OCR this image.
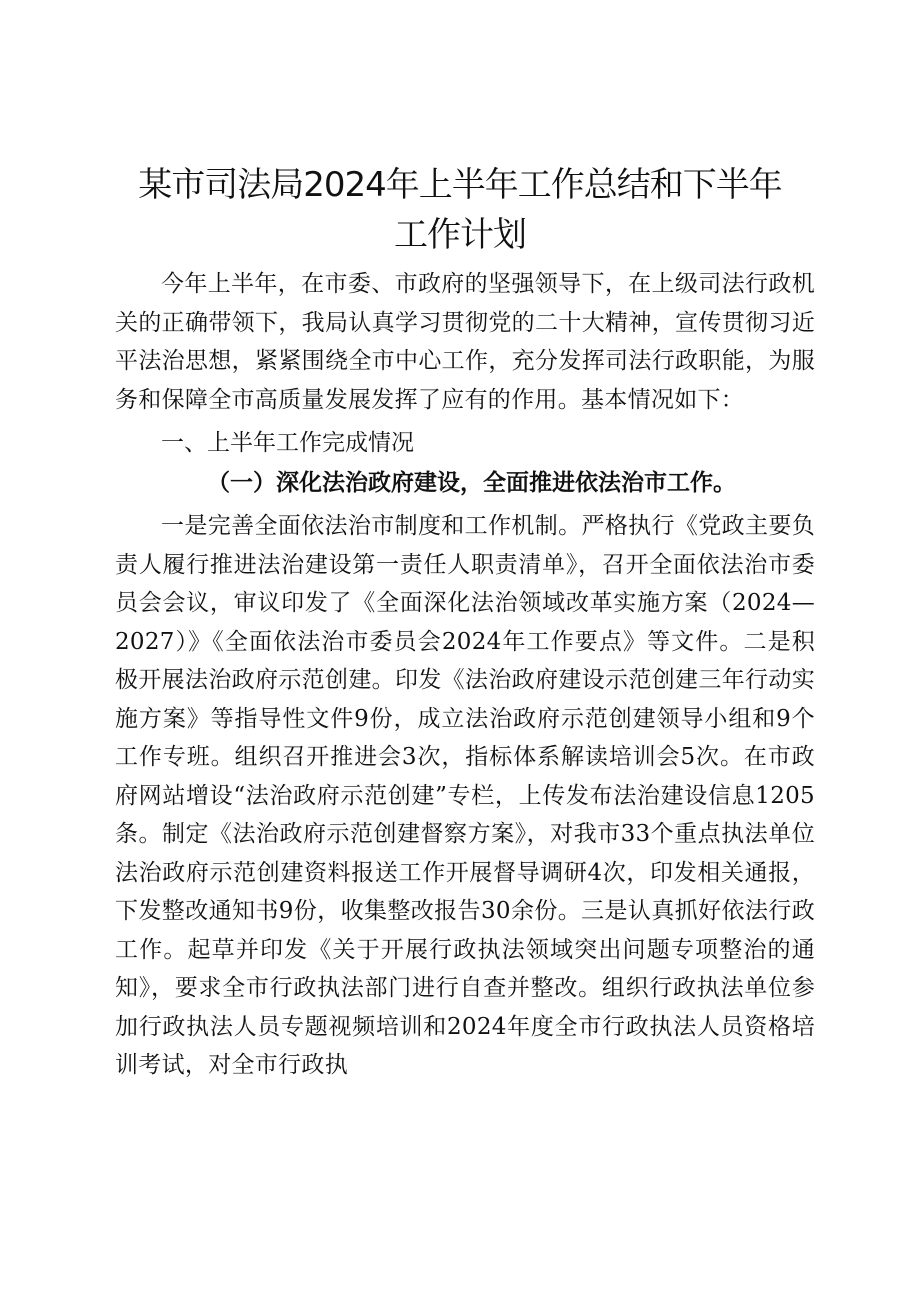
某市司法局2024年上半年工作总结和下半年
工作计划

今年上半年，在市委、市政府的坚强领导下，在上级司法行政机关的正确带领下，我局认真学习贯彻党的二十大精神，宣传贯彻习近平法治思想，紧紧围绕全市中心工作，充分发挥司法行政职能，为服务和保障全市高质量发展发挥了应有的作用。基本情况如下：

一、上半年工作完成情况
（一）深化法治政府建设，全面推进依法治市工作。

一是完善全面依法治市制度和工作机制。严格执行《党政主要负责人履行推进法治建设第一责任人职责清单》，召开全面依法治市委员会会议，审议印发了《全面深化法治领域改革实施方案（2024—2027）》《全面依法治市委员会2024年工作要点》等文件。二是积极开展法治政府示范创建。印发《法治政府建设示范创建三年行动实施方案》等指导性文件9份，成立法治政府示范创建领导小组和9个工作专班。组织召开推进会3次，指标体系解读培训会5次。在市政府网站增设“法治政府示范创建”专栏，上传发布法治建设信息1205条。制定《法治政府示范创建督察方案》，对我市33个重点执法单位法治政府示范创建资料报送工作开展督导调研4次，印发相关通报，下发整改通知书9份，收集整改报告30余份。三是认真抓好依法行政工作。起草并印发《关于开展行政执法领域突出问题专项整治的通知》，要求全市行政执法部门进行自查并整改。组织行政执法单位参加行政执法人员专题视频培训和2024年度全市行政执法人员资格培训考试，对全市行政执
